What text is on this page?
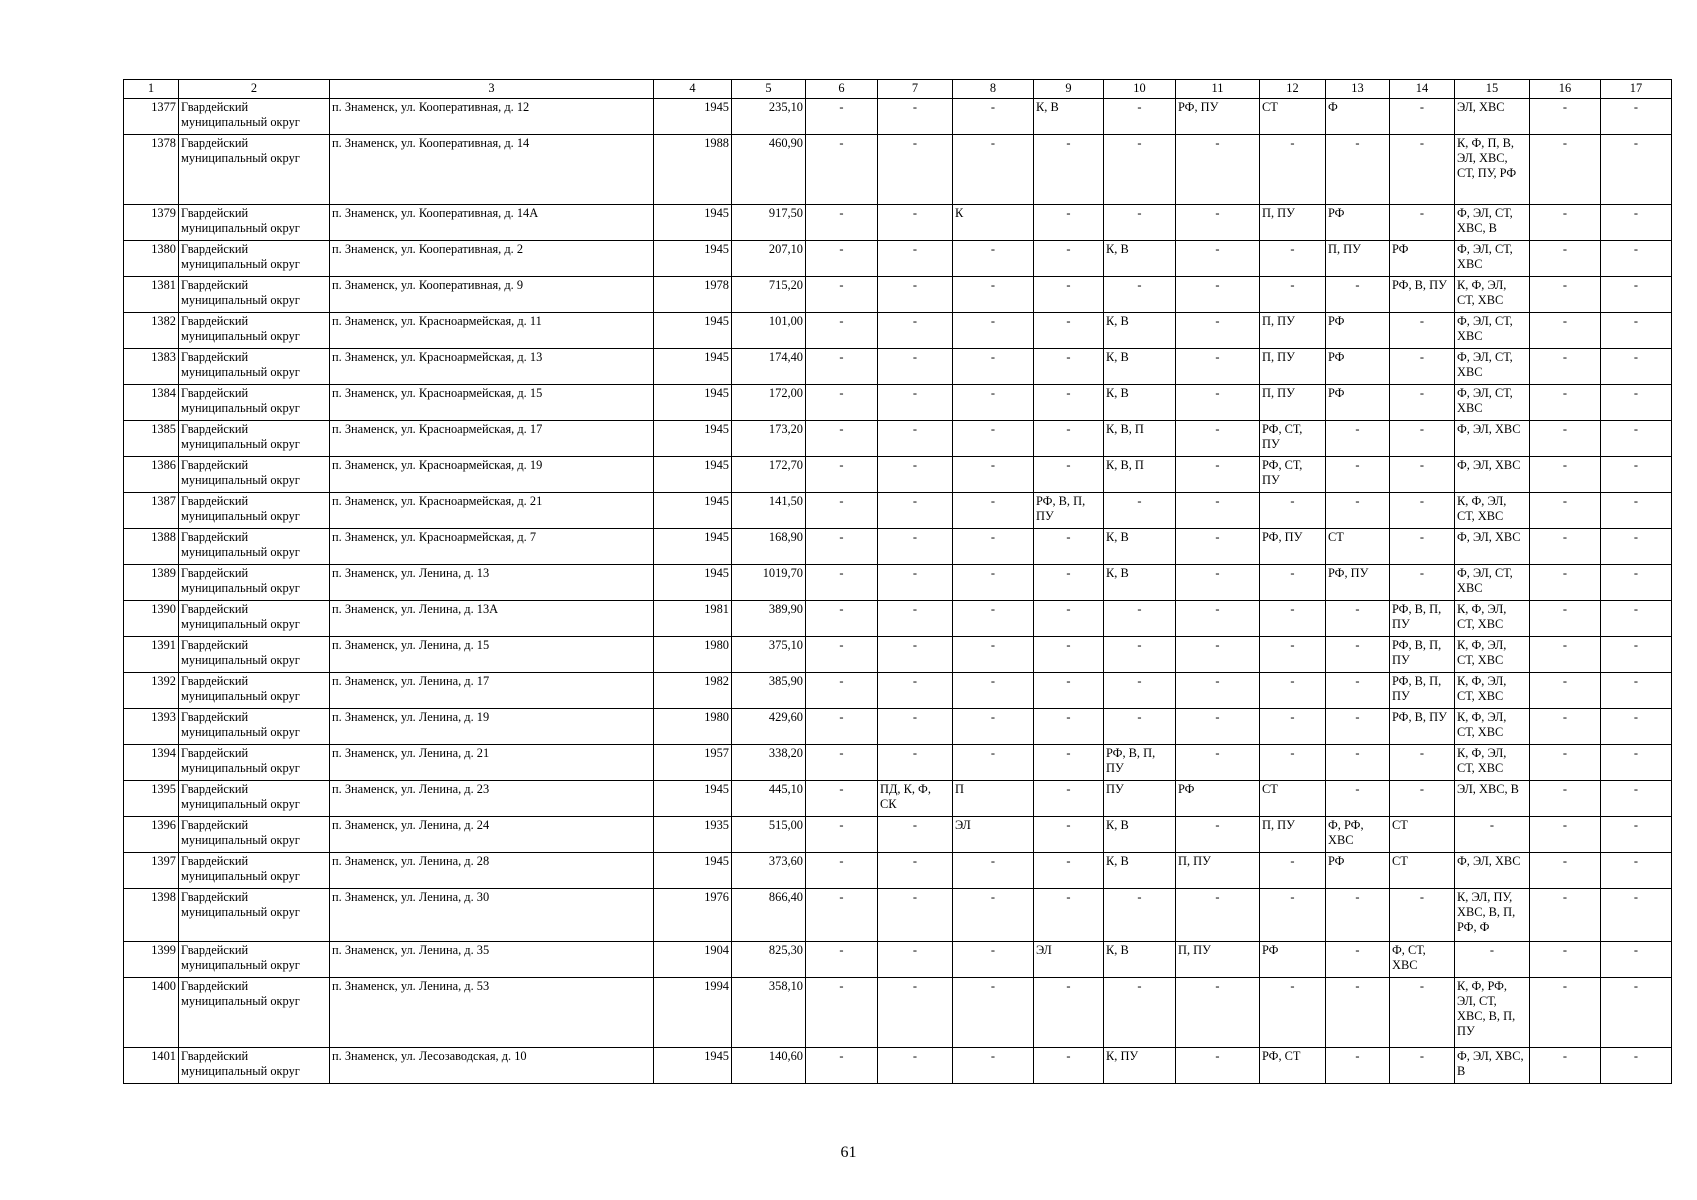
1	2	3	4	5	6	7	8	9	10	11	12	13	14	15	16	17
1377	Гвардейский муниципальный округ	п. Знаменск, ул. Кооперативная, д. 12	1945	235,10	-	-	-	К, В	-	РФ, ПУ	СТ	Ф	-	ЭЛ, ХВС	-	-
1378	Гвардейский муниципальный округ	п. Знаменск, ул. Кооперативная, д. 14	1988	460,90	-	-	-	-	-	-	-	-	-	К, Ф, П, В, ЭЛ, ХВС, СТ, ПУ, РФ	-	-
1379	Гвардейский муниципальный округ	п. Знаменск, ул. Кооперативная, д. 14А	1945	917,50	-	-	К	-	-	-	П, ПУ	РФ	-	Ф, ЭЛ, СТ, ХВС, В	-	-
1380	Гвардейский муниципальный округ	п. Знаменск, ул. Кооперативная, д. 2	1945	207,10	-	-	-	-	К, В	-	-	П, ПУ	РФ	Ф, ЭЛ, СТ, ХВС	-	-
1381	Гвардейский муниципальный округ	п. Знаменск, ул. Кооперативная, д. 9	1978	715,20	-	-	-	-	-	-	-	-	РФ, В, ПУ	К, Ф, ЭЛ, СТ, ХВС	-	-
1382	Гвардейский муниципальный округ	п. Знаменск, ул. Красноармейская, д. 11	1945	101,00	-	-	-	-	К, В	-	П, ПУ	РФ	-	Ф, ЭЛ, СТ, ХВС	-	-
1383	Гвардейский муниципальный округ	п. Знаменск, ул. Красноармейская, д. 13	1945	174,40	-	-	-	-	К, В	-	П, ПУ	РФ	-	Ф, ЭЛ, СТ, ХВС	-	-
1384	Гвардейский муниципальный округ	п. Знаменск, ул. Красноармейская, д. 15	1945	172,00	-	-	-	-	К, В	-	П, ПУ	РФ	-	Ф, ЭЛ, СТ, ХВС	-	-
1385	Гвардейский муниципальный округ	п. Знаменск, ул. Красноармейская, д. 17	1945	173,20	-	-	-	-	К, В, П	-	РФ, СТ, ПУ	-	-	Ф, ЭЛ, ХВС	-	-
1386	Гвардейский муниципальный округ	п. Знаменск, ул. Красноармейская, д. 19	1945	172,70	-	-	-	-	К, В, П	-	РФ, СТ, ПУ	-	-	Ф, ЭЛ, ХВС	-	-
1387	Гвардейский муниципальный округ	п. Знаменск, ул. Красноармейская, д. 21	1945	141,50	-	-	-	РФ, В, П, ПУ	-	-	-	-	-	К, Ф, ЭЛ, СТ, ХВС	-	-
1388	Гвардейский муниципальный округ	п. Знаменск, ул. Красноармейская, д. 7	1945	168,90	-	-	-	-	К, В	-	РФ, ПУ	СТ	-	Ф, ЭЛ, ХВС	-	-
1389	Гвардейский муниципальный округ	п. Знаменск, ул. Ленина, д. 13	1945	1019,70	-	-	-	-	К, В	-	-	РФ, ПУ	-	Ф, ЭЛ, СТ, ХВС	-	-
1390	Гвардейский муниципальный округ	п. Знаменск, ул. Ленина, д. 13А	1981	389,90	-	-	-	-	-	-	-	-	РФ, В, П, ПУ	К, Ф, ЭЛ, СТ, ХВС	-	-
1391	Гвардейский муниципальный округ	п. Знаменск, ул. Ленина, д. 15	1980	375,10	-	-	-	-	-	-	-	-	РФ, В, П, ПУ	К, Ф, ЭЛ, СТ, ХВС	-	-
1392	Гвардейский муниципальный округ	п. Знаменск, ул. Ленина, д. 17	1982	385,90	-	-	-	-	-	-	-	-	РФ, В, П, ПУ	К, Ф, ЭЛ, СТ, ХВС	-	-
1393	Гвардейский муниципальный округ	п. Знаменск, ул. Ленина, д. 19	1980	429,60	-	-	-	-	-	-	-	-	РФ, В, ПУ	К, Ф, ЭЛ, СТ, ХВС	-	-
1394	Гвардейский муниципальный округ	п. Знаменск, ул. Ленина, д. 21	1957	338,20	-	-	-	-	РФ, В, П, ПУ	-	-	-	-	К, Ф, ЭЛ, СТ, ХВС	-	-
1395	Гвардейский муниципальный округ	п. Знаменск, ул. Ленина, д. 23	1945	445,10	-	ПД, К, Ф, СК	П	-	ПУ	РФ	СТ	-	-	ЭЛ, ХВС, В	-	-
1396	Гвардейский муниципальный округ	п. Знаменск, ул. Ленина, д. 24	1935	515,00	-	-	ЭЛ	-	К, В	-	П, ПУ	Ф, РФ, ХВС	СТ	-	-	-
1397	Гвардейский муниципальный округ	п. Знаменск, ул. Ленина, д. 28	1945	373,60	-	-	-	-	К, В	П, ПУ	-	РФ	СТ	Ф, ЭЛ, ХВС	-	-
1398	Гвардейский муниципальный округ	п. Знаменск, ул. Ленина, д. 30	1976	866,40	-	-	-	-	-	-	-	-	-	К, ЭЛ, ПУ, ХВС, В, П, РФ, Ф	-	-
1399	Гвардейский муниципальный округ	п. Знаменск, ул. Ленина, д. 35	1904	825,30	-	-	-	ЭЛ	К, В	П, ПУ	РФ	-	Ф, СТ, ХВС	-	-	-
1400	Гвардейский муниципальный округ	п. Знаменск, ул. Ленина, д. 53	1994	358,10	-	-	-	-	-	-	-	-	-	К, Ф, РФ, ЭЛ, СТ, ХВС, В, П, ПУ	-	-
1401	Гвардейский муниципальный округ	п. Знаменск, ул. Лесозаводская, д. 10	1945	140,60	-	-	-	-	К, ПУ	-	РФ, СТ	-	-	Ф, ЭЛ, ХВС, В	-	-
61
